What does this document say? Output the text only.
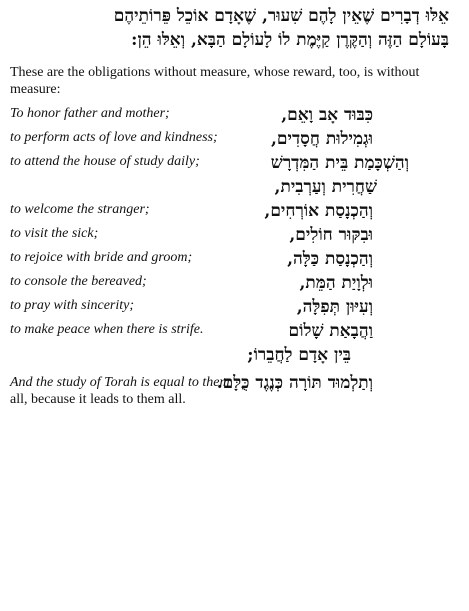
אֵלּוּ דְבָרִים שֶׁאֵין לָהֶם שִׁעוּר, שֶׁאָדָם אוֹכֵל פֵּרוֹתֵיהֶם
בָּעוֹלָם הַזֶּה וְהַקֶּרֶן קַיֶּמֶת לוֹ לָעוֹלָם הַבָּא, וְאֵלּוּ הֵן:
These are the obligations without measure, whose reward, too, is without measure:
To honor father and mother;	כִּבּוּד אָב וָאֵם,
to perform acts of love and kindness;	וּגְמִילוּת חֲסָדִים,
to attend the house of study daily;	וְהַשְׁכָּמַת בֵּית הַמִּדְרָשׁ
שַׁחֲרִית וְעַרְבִית,
to welcome the stranger;	וְהַכְנָסַת אוֹרְחִים,
to visit the sick;	וּבִקּוּר חוֹלִים,
to rejoice with bride and groom;	וְהַכְנָסַת כַּלָּה,
to console the bereaved;	וּלְוָיַת הַמֵּת,
to pray with sincerity;	וְעִיּוּן תְּפִלָּה,
to make peace when there is strife.	וַהֲבָאַת שָׁלוֹם
בֵּין אָדָם לַחֲבֵרוֹ;
And the study of Torah is equal to them
all, because it leads to them all.
וְתַלְמוּד תּוֹרָה כְּנֶגֶד כֻּלָּם.
